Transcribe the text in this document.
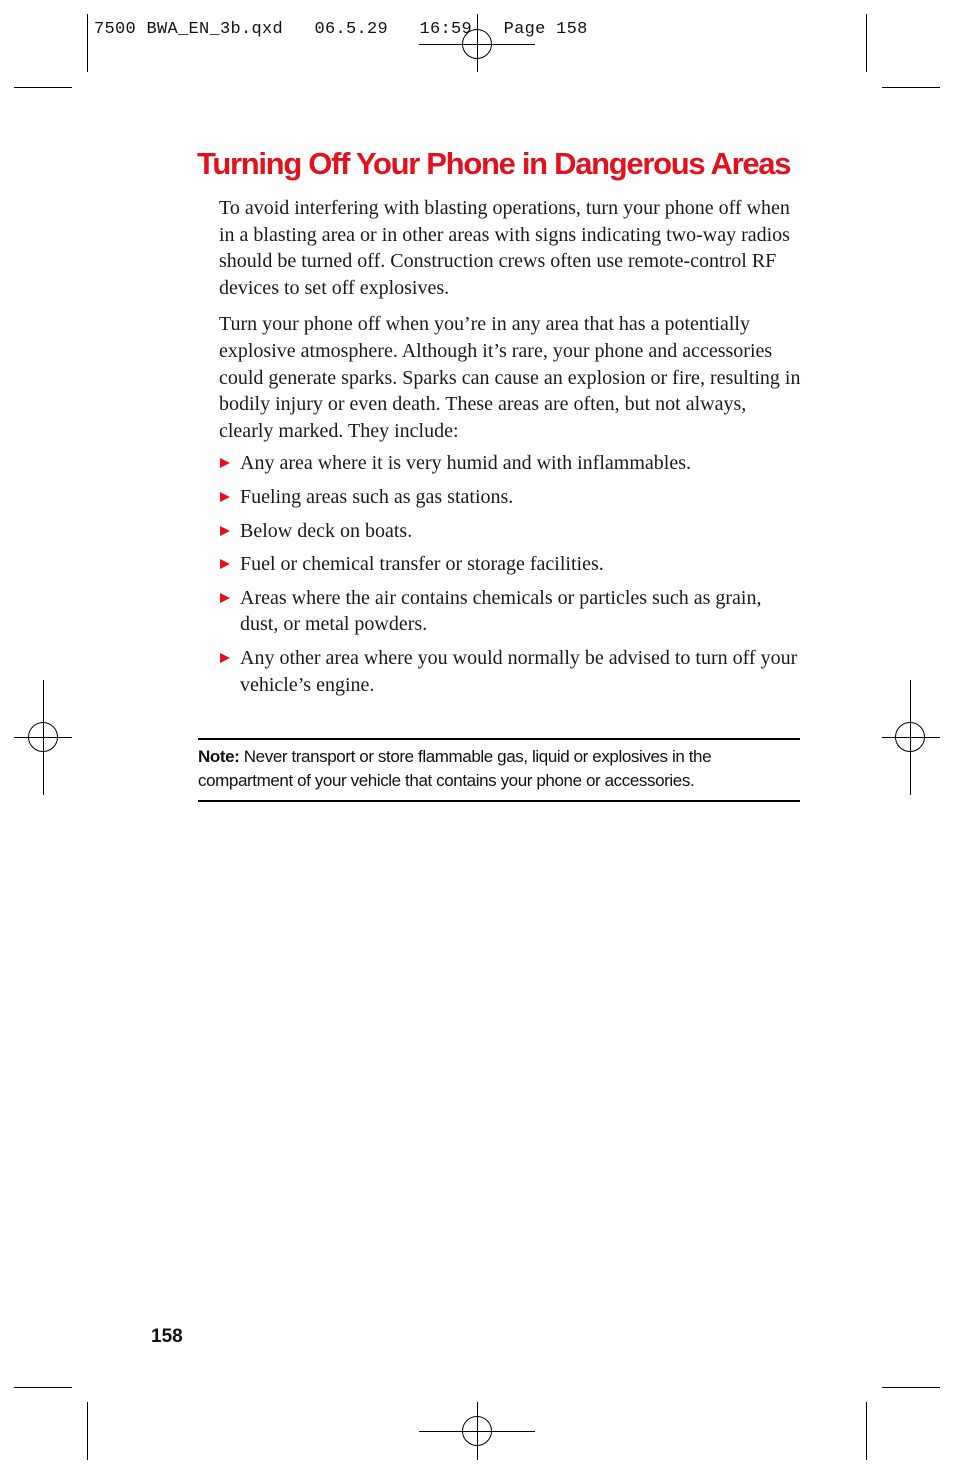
7500 BWA_EN_3b.qxd   06.5.29   16:59   Page 158
Turning Off Your Phone in Dangerous Areas

To avoid interfering with blasting operations, turn your phone off when in a blasting area or in other areas with signs indicating two-way radios should be turned off. Construction crews often use remote-control RF devices to set off explosives.

Turn your phone off when you’re in any area that has a potentially explosive atmosphere. Although it’s rare, your phone and accessories could generate sparks. Sparks can cause an explosion or fire, resulting in bodily injury or even death. These areas are often, but not always, clearly marked. They include:

Any area where it is very humid and with inflammables.
Fueling areas such as gas stations.
Below deck on boats.
Fuel or chemical transfer or storage facilities.
Areas where the air contains chemicals or particles such as grain, dust, or metal powders.
Any other area where you would normally be advised to turn off your vehicle’s engine.
Note: Never transport or store flammable gas, liquid or explosives in the compartment of your vehicle that contains your phone or accessories.
158
